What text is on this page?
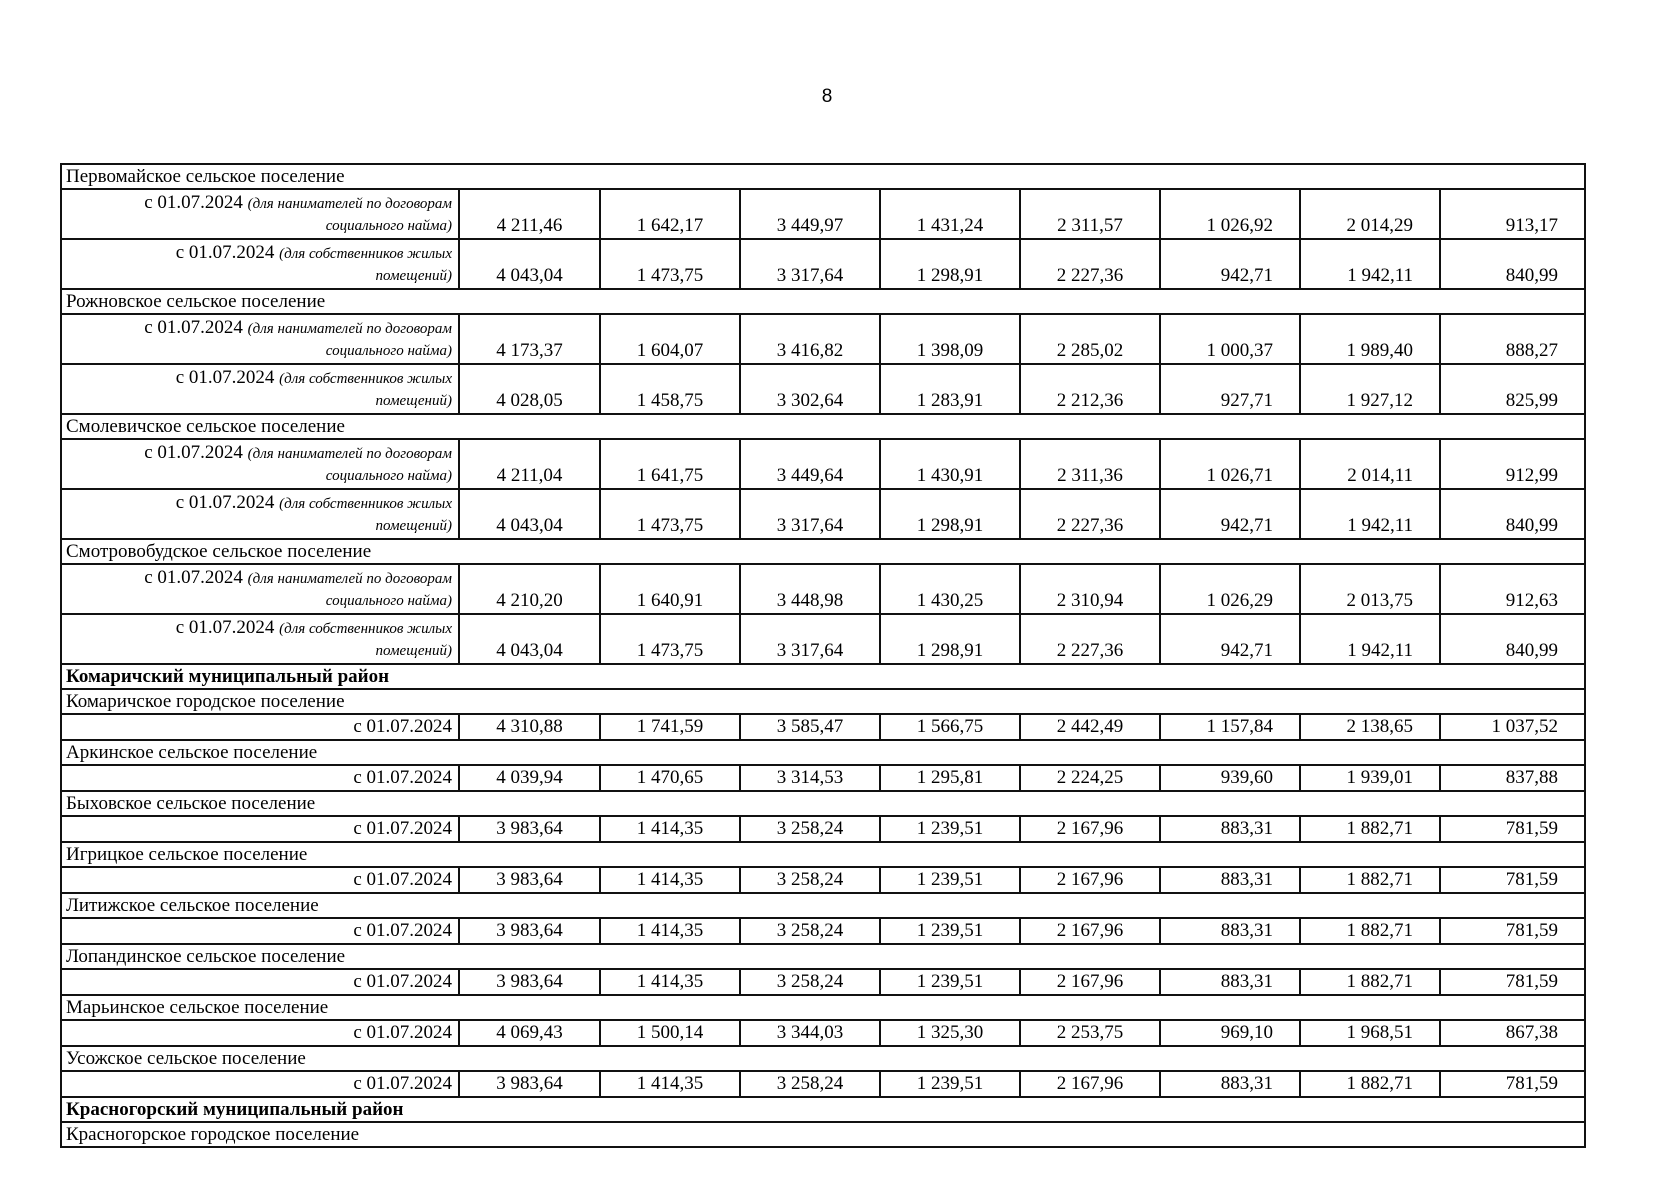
8
Первомайское сельское поселение								

с 01.07.2024 (для нанимателей по договорам
социального найма)	4 211,46	1 642,17	3 449,97	1 431,24	2 311,57	1 026,92	2 014,29	913,17

с 01.07.2024 (для собственников жилых
помещений)	4 043,04	1 473,75	3 317,64	1 298,91	2 227,36	942,71	1 942,11	840,99
Рожновское сельское поселение								

с 01.07.2024 (для нанимателей по договорам
социального найма)	4 173,37	1 604,07	3 416,82	1 398,09	2 285,02	1 000,37	1 989,40	888,27

с 01.07.2024 (для собственников жилых
помещений)	4 028,05	1 458,75	3 302,64	1 283,91	2 212,36	927,71	1 927,12	825,99
Смолевичское сельское поселение								

с 01.07.2024 (для нанимателей по договорам
социального найма)	4 211,04	1 641,75	3 449,64	1 430,91	2 311,36	1 026,71	2 014,11	912,99

с 01.07.2024 (для собственников жилых
помещений)	4 043,04	1 473,75	3 317,64	1 298,91	2 227,36	942,71	1 942,11	840,99
Смотровобудское сельское поселение								

с 01.07.2024 (для нанимателей по договорам
социального найма)	4 210,20	1 640,91	3 448,98	1 430,25	2 310,94	1 026,29	2 013,75	912,63

с 01.07.2024 (для собственников жилых
помещений)	4 043,04	1 473,75	3 317,64	1 298,91	2 227,36	942,71	1 942,11	840,99
Комаричский муниципальный район								
Комаричское городское поселение								
с 01.07.2024	4 310,88	1 741,59	3 585,47	1 566,75	2 442,49	1 157,84	2 138,65	1 037,52
Аркинское сельское поселение								
с 01.07.2024	4 039,94	1 470,65	3 314,53	1 295,81	2 224,25	939,60	1 939,01	837,88
Быховское сельское поселение								
с 01.07.2024	3 983,64	1 414,35	3 258,24	1 239,51	2 167,96	883,31	1 882,71	781,59
Игрицкое сельское поселение								
с 01.07.2024	3 983,64	1 414,35	3 258,24	1 239,51	2 167,96	883,31	1 882,71	781,59
Литижское сельское поселение								
с 01.07.2024	3 983,64	1 414,35	3 258,24	1 239,51	2 167,96	883,31	1 882,71	781,59
Лопандинское сельское поселение								
с 01.07.2024	3 983,64	1 414,35	3 258,24	1 239,51	2 167,96	883,31	1 882,71	781,59
Марьинское сельское поселение								
с 01.07.2024	4 069,43	1 500,14	3 344,03	1 325,30	2 253,75	969,10	1 968,51	867,38
Усожское сельское поселение								
с 01.07.2024	3 983,64	1 414,35	3 258,24	1 239,51	2 167,96	883,31	1 882,71	781,59
Красногорский муниципальный район								
Красногорское городское поселение								
